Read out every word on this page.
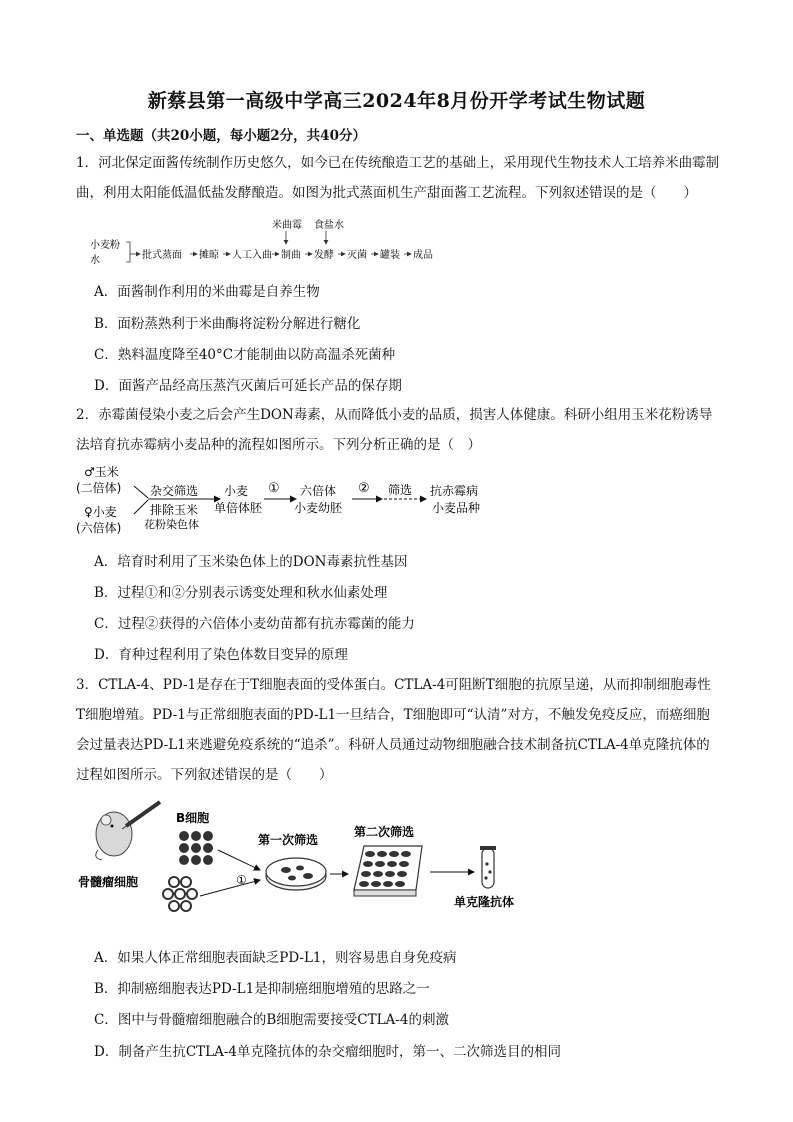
新蔡县第一高级中学高三2024年8月份开学考试生物试题
一、单选题（共20小题，每小题2分，共40分）
1．河北保定面酱传统制作历史悠久，如今已在传统酿造工艺的基础上，采用现代生物技术人工培养米曲霉制
曲，利用太阳能低温低盐发酵酿造。如图为批式蒸面机生产甜面酱工艺流程。下列叙述错误的是（　　）
米曲霉 食盐水
小麦粉
水	批式蒸面 摊晾 人工入曲 制曲 发酵 灭菌 罐装 成品
A．面酱制作利用的米曲霉是自养生物
B．面粉蒸熟利于米曲酶将淀粉分解进行糖化
C．熟料温度降至40°C才能制曲以防高温杀死菌种
D．面酱产品经高压蒸汽灭菌后可延长产品的保存期
2．赤霉菌侵染小麦之后会产生DON毒素，从而降低小麦的品质，损害人体健康。科研小组用玉米花粉诱导
法培育抗赤霉病小麦品种的流程如图所示。下列分析正确的是（　）
♂玉米
(二倍体)
♀小麦
(六倍体)
杂交筛选
排除玉米
花粉染色体
小麦
单倍体胚
① 六倍体
小麦幼胚
② 筛选 抗赤霉病
小麦品种
A．培育时利用了玉米染色体上的DON毒素抗性基因
B．过程①和②分别表示诱变处理和秋水仙素处理
C．过程②获得的六倍体小麦幼苗都有抗赤霉菌的能力
D．育种过程利用了染色体数目变异的原理
3．CTLA-4、PD-1是存在于T细胞表面的受体蛋白。CTLA-4可阻断T细胞的抗原呈递，从而抑制细胞毒性
T细胞增殖。PD-1与正常细胞表面的PD-L1一旦结合，T细胞即可“认清”对方，不触发免疫反应，而癌细胞
会过量表达PD-L1来逃避免疫系统的“追杀”。科研人员通过动物细胞融合技术制备抗CTLA-4单克隆抗体的
过程如图所示。下列叙述错误的是（　　）
B细胞
骨髓瘤细胞	①
第一次筛选
第二次筛选
单克隆抗体
A．如果人体正常细胞表面缺乏PD-L1，则容易患自身免疫病
B．抑制癌细胞表达PD-L1是抑制癌细胞增殖的思路之一
C．图中与骨髓瘤细胞融合的B细胞需要接受CTLA-4的刺激
D．制备产生抗CTLA-4单克隆抗体的杂交瘤细胞时，第一、二次筛选目的相同
